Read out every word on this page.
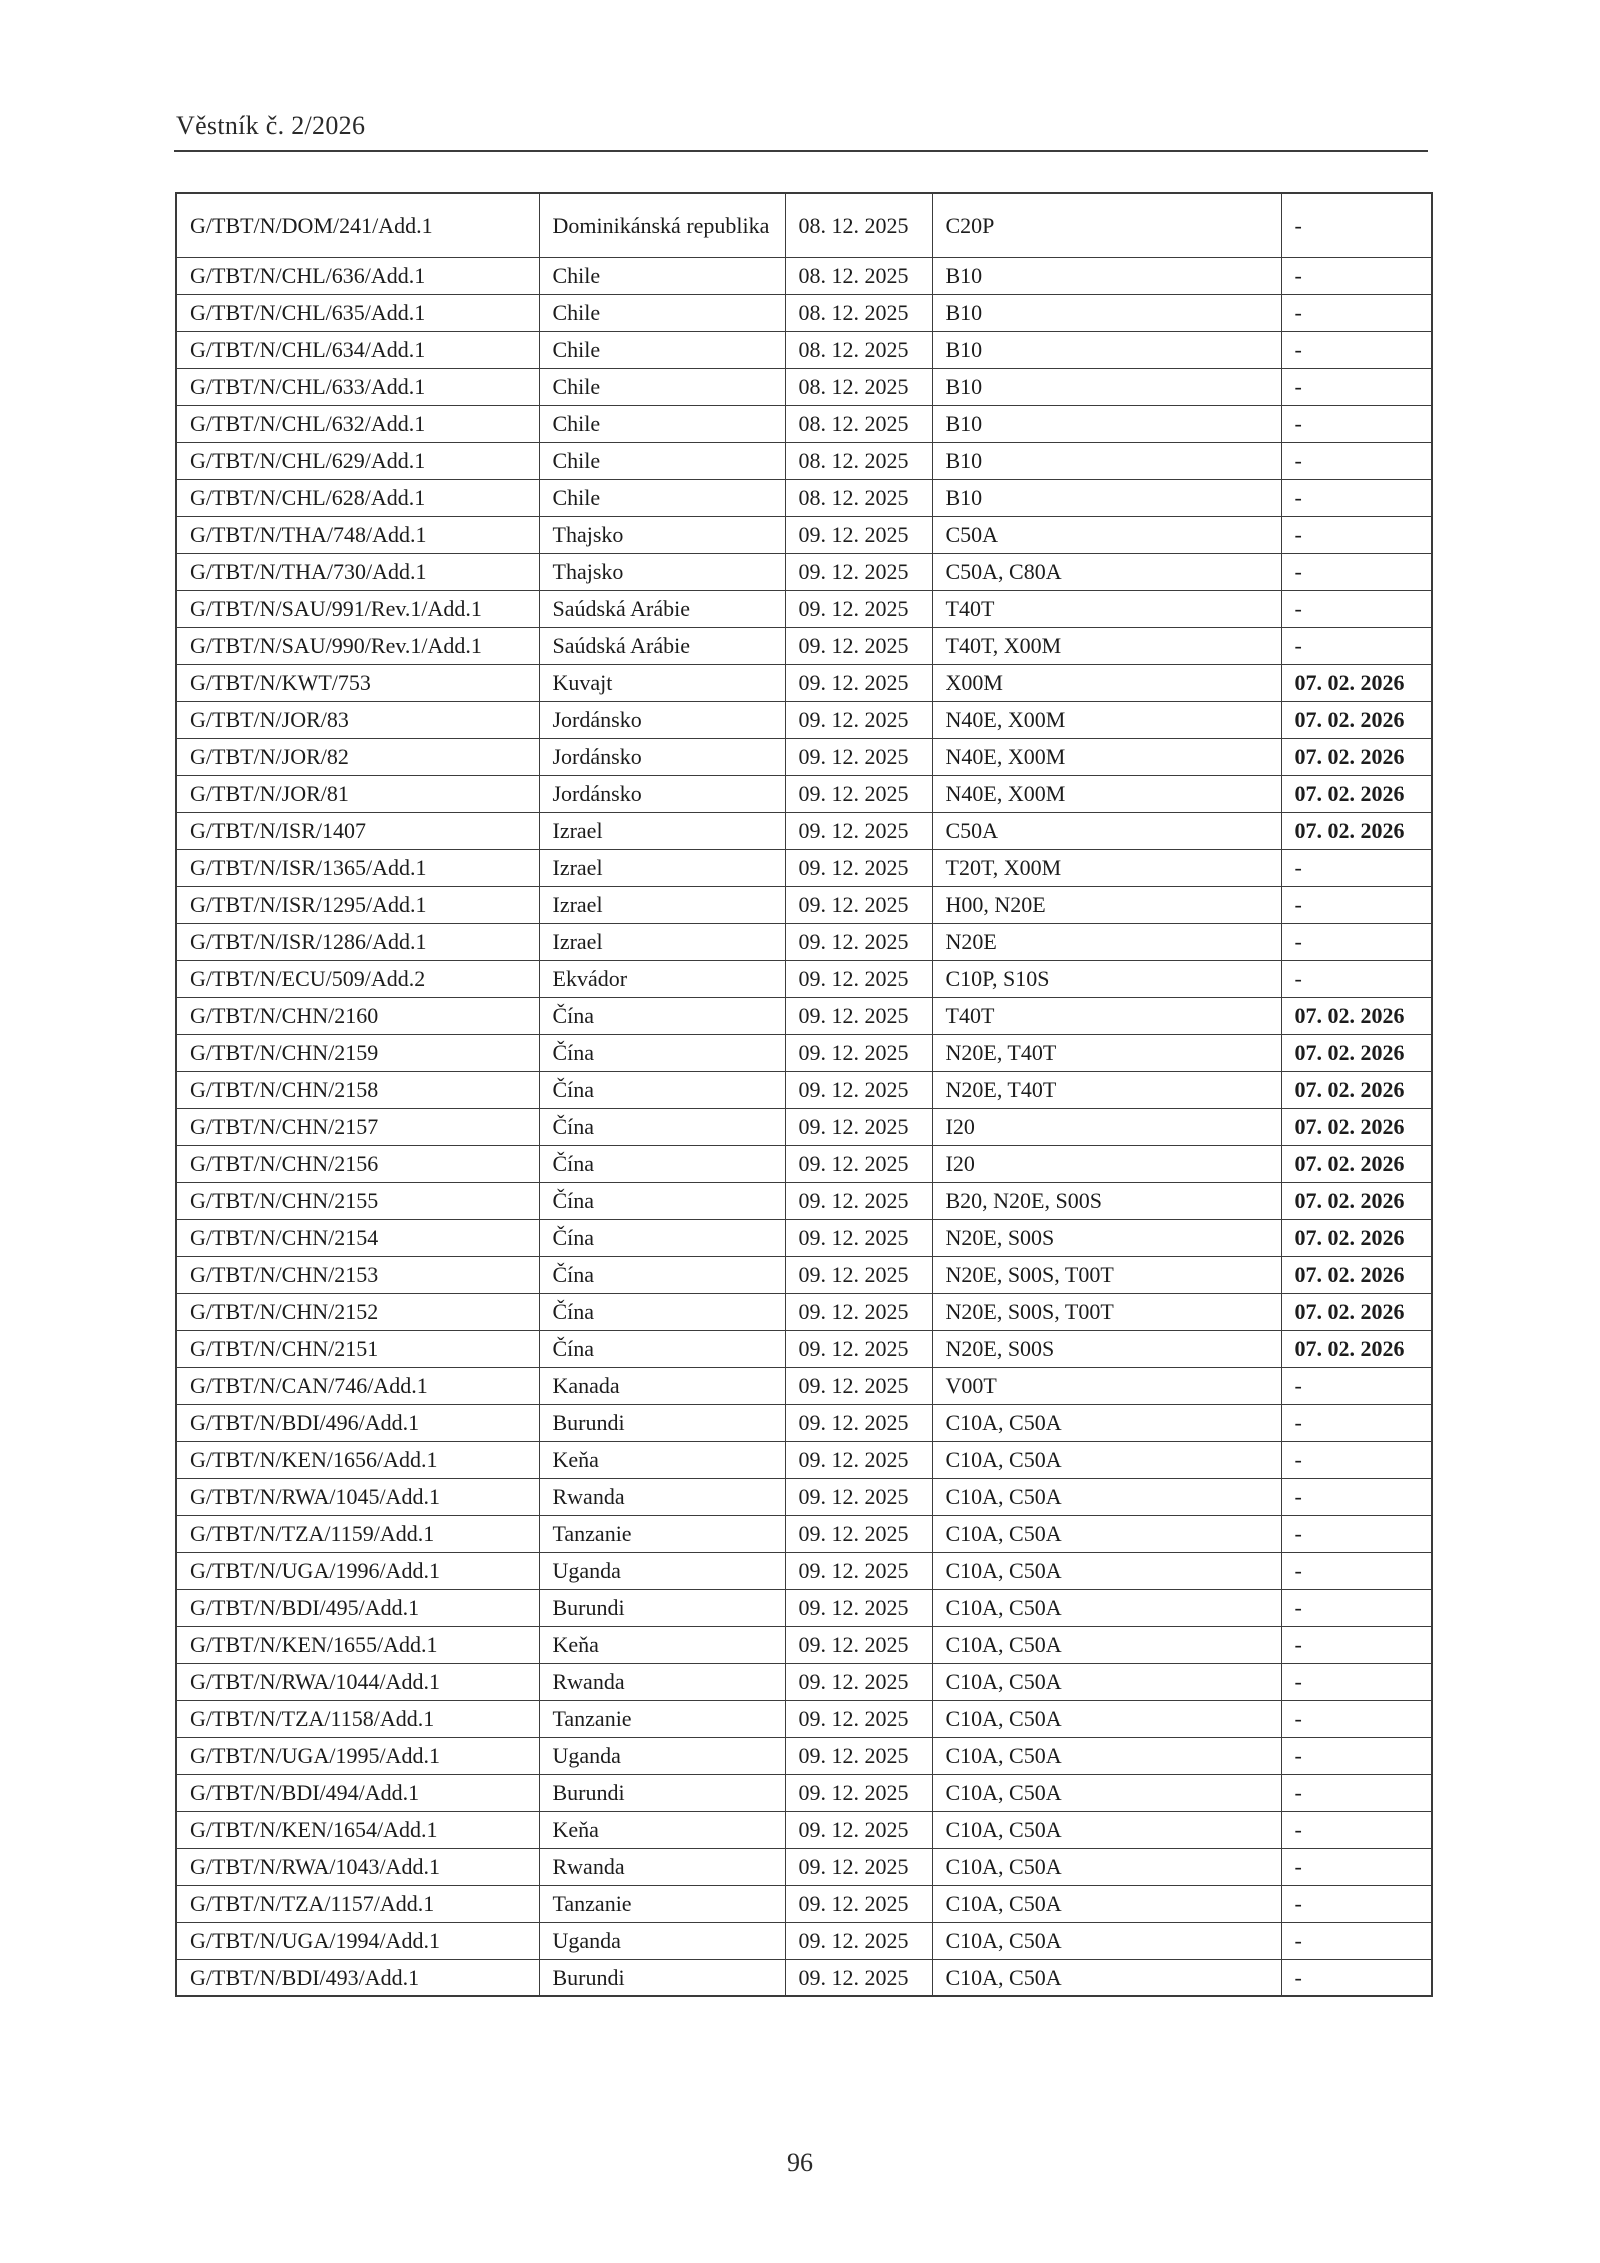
Věstník č. 2/2026
G/TBT/N/DOM/241/Add.1	Dominikánská republika	08. 12. 2025	C20P	-
G/TBT/N/CHL/636/Add.1	Chile	08. 12. 2025	B10	-
G/TBT/N/CHL/635/Add.1	Chile	08. 12. 2025	B10	-
G/TBT/N/CHL/634/Add.1	Chile	08. 12. 2025	B10	-
G/TBT/N/CHL/633/Add.1	Chile	08. 12. 2025	B10	-
G/TBT/N/CHL/632/Add.1	Chile	08. 12. 2025	B10	-
G/TBT/N/CHL/629/Add.1	Chile	08. 12. 2025	B10	-
G/TBT/N/CHL/628/Add.1	Chile	08. 12. 2025	B10	-
G/TBT/N/THA/748/Add.1	Thajsko	09. 12. 2025	C50A	-
G/TBT/N/THA/730/Add.1	Thajsko	09. 12. 2025	C50A, C80A	-
G/TBT/N/SAU/991/Rev.1/Add.1	Saúdská Arábie	09. 12. 2025	T40T	-
G/TBT/N/SAU/990/Rev.1/Add.1	Saúdská Arábie	09. 12. 2025	T40T, X00M	-
G/TBT/N/KWT/753	Kuvajt	09. 12. 2025	X00M	07. 02. 2026
G/TBT/N/JOR/83	Jordánsko	09. 12. 2025	N40E, X00M	07. 02. 2026
G/TBT/N/JOR/82	Jordánsko	09. 12. 2025	N40E, X00M	07. 02. 2026
G/TBT/N/JOR/81	Jordánsko	09. 12. 2025	N40E, X00M	07. 02. 2026
G/TBT/N/ISR/1407	Izrael	09. 12. 2025	C50A	07. 02. 2026
G/TBT/N/ISR/1365/Add.1	Izrael	09. 12. 2025	T20T, X00M	-
G/TBT/N/ISR/1295/Add.1	Izrael	09. 12. 2025	H00, N20E	-
G/TBT/N/ISR/1286/Add.1	Izrael	09. 12. 2025	N20E	-
G/TBT/N/ECU/509/Add.2	Ekvádor	09. 12. 2025	C10P, S10S	-
G/TBT/N/CHN/2160	Čína	09. 12. 2025	T40T	07. 02. 2026
G/TBT/N/CHN/2159	Čína	09. 12. 2025	N20E, T40T	07. 02. 2026
G/TBT/N/CHN/2158	Čína	09. 12. 2025	N20E, T40T	07. 02. 2026
G/TBT/N/CHN/2157	Čína	09. 12. 2025	I20	07. 02. 2026
G/TBT/N/CHN/2156	Čína	09. 12. 2025	I20	07. 02. 2026
G/TBT/N/CHN/2155	Čína	09. 12. 2025	B20, N20E, S00S	07. 02. 2026
G/TBT/N/CHN/2154	Čína	09. 12. 2025	N20E, S00S	07. 02. 2026
G/TBT/N/CHN/2153	Čína	09. 12. 2025	N20E, S00S, T00T	07. 02. 2026
G/TBT/N/CHN/2152	Čína	09. 12. 2025	N20E, S00S, T00T	07. 02. 2026
G/TBT/N/CHN/2151	Čína	09. 12. 2025	N20E, S00S	07. 02. 2026
G/TBT/N/CAN/746/Add.1	Kanada	09. 12. 2025	V00T	-
G/TBT/N/BDI/496/Add.1	Burundi	09. 12. 2025	C10A, C50A	-
G/TBT/N/KEN/1656/Add.1	Keňa	09. 12. 2025	C10A, C50A	-
G/TBT/N/RWA/1045/Add.1	Rwanda	09. 12. 2025	C10A, C50A	-
G/TBT/N/TZA/1159/Add.1	Tanzanie	09. 12. 2025	C10A, C50A	-
G/TBT/N/UGA/1996/Add.1	Uganda	09. 12. 2025	C10A, C50A	-
G/TBT/N/BDI/495/Add.1	Burundi	09. 12. 2025	C10A, C50A	-
G/TBT/N/KEN/1655/Add.1	Keňa	09. 12. 2025	C10A, C50A	-
G/TBT/N/RWA/1044/Add.1	Rwanda	09. 12. 2025	C10A, C50A	-
G/TBT/N/TZA/1158/Add.1	Tanzanie	09. 12. 2025	C10A, C50A	-
G/TBT/N/UGA/1995/Add.1	Uganda	09. 12. 2025	C10A, C50A	-
G/TBT/N/BDI/494/Add.1	Burundi	09. 12. 2025	C10A, C50A	-
G/TBT/N/KEN/1654/Add.1	Keňa	09. 12. 2025	C10A, C50A	-
G/TBT/N/RWA/1043/Add.1	Rwanda	09. 12. 2025	C10A, C50A	-
G/TBT/N/TZA/1157/Add.1	Tanzanie	09. 12. 2025	C10A, C50A	-
G/TBT/N/UGA/1994/Add.1	Uganda	09. 12. 2025	C10A, C50A	-
G/TBT/N/BDI/493/Add.1	Burundi	09. 12. 2025	C10A, C50A	-
96
